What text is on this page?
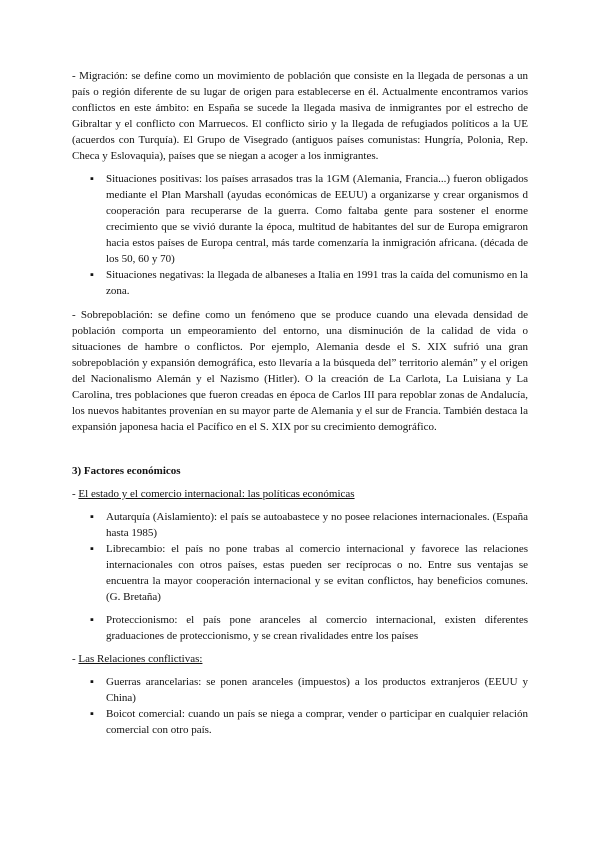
- Migración: se define como un movimiento de población que consiste en la llegada de personas a un país o región diferente de su lugar de origen para establecerse en él. Actualmente encontramos varios conflictos en este ámbito: en España se sucede la llegada masiva de inmigrantes por el estrecho de Gibraltar y el conflicto con Marruecos. El conflicto sirio y la llegada de refugiados políticos a la UE (acuerdos con Turquía). El Grupo de Visegrado (antiguos países comunistas: Hungría, Polonia, Rep. Checa y Eslovaquia), países que se niegan a acoger a los inmigrantes.

▪ Situaciones positivas: los países arrasados tras la 1GM (Alemania, Francia...) fueron obligados mediante el Plan Marshall (ayudas económicas de EEUU) a organizarse y crear organismos d cooperación para recuperarse de la guerra. Como faltaba gente para sostener el enorme crecimiento que se vivió durante la época, multitud de habitantes del sur de Europa emigraron hacia estos países de Europa central, más tarde comenzaría la inmigración africana. (década de los 50, 60 y 70)
▪ Situaciones negativas: la llegada de albaneses a Italia en 1991 tras la caída del comunismo en la zona.

- Sobrepoblación: se define como un fenómeno que se produce cuando una elevada densidad de población comporta un empeoramiento del entorno, una disminución de la calidad de vida o situaciones de hambre o conflictos. Por ejemplo, Alemania desde el S. XIX sufrió una gran sobrepoblación y expansión demográfica, esto llevaría a la búsqueda del” territorio alemán” y el origen del Nacionalismo Alemán y el Nazismo (Hitler). O la creación de La Carlota, La Luisiana y La Carolina, tres poblaciones que fueron creadas en época de Carlos III para repoblar zonas de Andalucía, los nuevos habitantes provenían en su mayor parte de Alemania y el sur de Francia. También destaca la expansión japonesa hacia el Pacífico en el S. XIX por su crecimiento demográfico.

3) Factores económicos

- El estado y el comercio internacional: las políticas económicas

▪ Autarquía (Aislamiento): el país se autoabastece y no posee relaciones internacionales. (España hasta 1985)
▪ Librecambio: el país no pone trabas al comercio internacional y favorece las relaciones internacionales con otros países, estas pueden ser recíprocas o no. Entre sus ventajas se encuentra la mayor cooperación internacional y se evitan conflictos, hay beneficios comunes. (G. Bretaña)
▪ Proteccionismo: el país pone aranceles al comercio internacional, existen diferentes graduaciones de proteccionismo, y se crean rivalidades entre los países

- Las Relaciones conflictivas:

▪ Guerras arancelarias: se ponen aranceles (impuestos) a los productos extranjeros (EEUU y China)
▪ Boicot comercial: cuando un país se niega a comprar, vender o participar en cualquier relación comercial con otro país.
